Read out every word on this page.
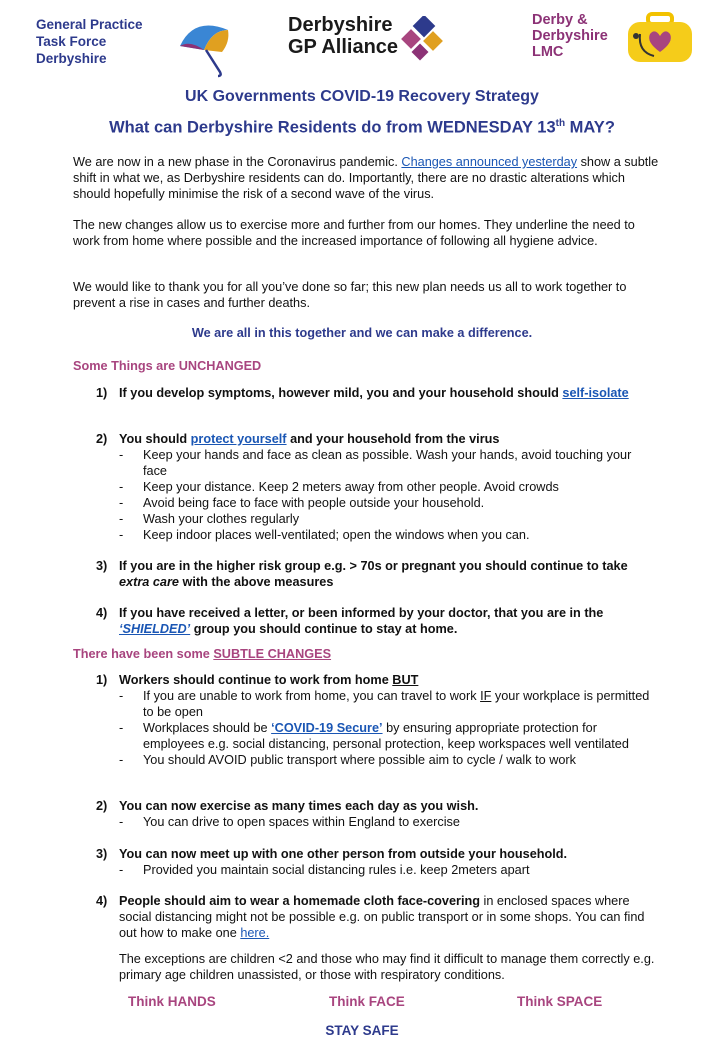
General Practice
Task Force
Derbyshire
Derbyshire
GP Alliance
Derby &
Derbyshire
LMC
UK Governments COVID-19 Recovery Strategy
What can Derbyshire Residents do from WEDNESDAY 13th MAY?

We are now in a new phase in the Coronavirus pandemic. Changes announced yesterday show a subtle shift in what we, as Derbyshire residents can do. Importantly, there are no drastic alterations which should hopefully minimise the risk of a second wave of the virus.

The new changes allow us to exercise more and further from our homes. They underline the need to work from home where possible and the increased importance of following all hygiene advice.

We would like to thank you for all you’ve done so far; this new plan needs us all to work together to prevent a rise in cases and further deaths.

We are all in this together and we can make a difference.
Some Things are UNCHANGED
1) If you develop symptoms, however mild, you and your household should self-isolate
2) You should protect yourself and your household from the virus
- Keep your hands and face as clean as possible. Wash your hands, avoid touching your face
- Keep your distance. Keep 2 meters away from other people. Avoid crowds
- Avoid being face to face with people outside your household.
- Wash your clothes regularly
- Keep indoor places well-ventilated; open the windows when you can.
3) If you are in the higher risk group e.g. > 70s or pregnant you should continue to take extra care with the above measures
4) If you have received a letter, or been informed by your doctor, that you are in the ‘SHIELDED’ group you should continue to stay at home.
There have been some SUBTLE CHANGES
1) Workers should continue to work from home BUT
- If you are unable to work from home, you can travel to work IF your workplace is permitted to be open
- Workplaces should be ‘COVID-19 Secure’ by ensuring appropriate protection for employees e.g. social distancing, personal protection, keep workspaces well ventilated
- You should AVOID public transport where possible aim to cycle / walk to work
2) You can now exercise as many times each day as you wish.
- You can drive to open spaces within England to exercise
3) You can now meet up with one other person from outside your household.
- Provided you maintain social distancing rules i.e. keep 2meters apart
4) People should aim to wear a homemade cloth face-covering in enclosed spaces where social distancing might not be possible e.g. on public transport or in some shops. You can find out how to make one here.
The exceptions are children <2 and those who may find it difficult to manage them correctly e.g. primary age children unassisted, or those with respiratory conditions.
Think HANDS	Think FACE	Think SPACE
STAY SAFE
